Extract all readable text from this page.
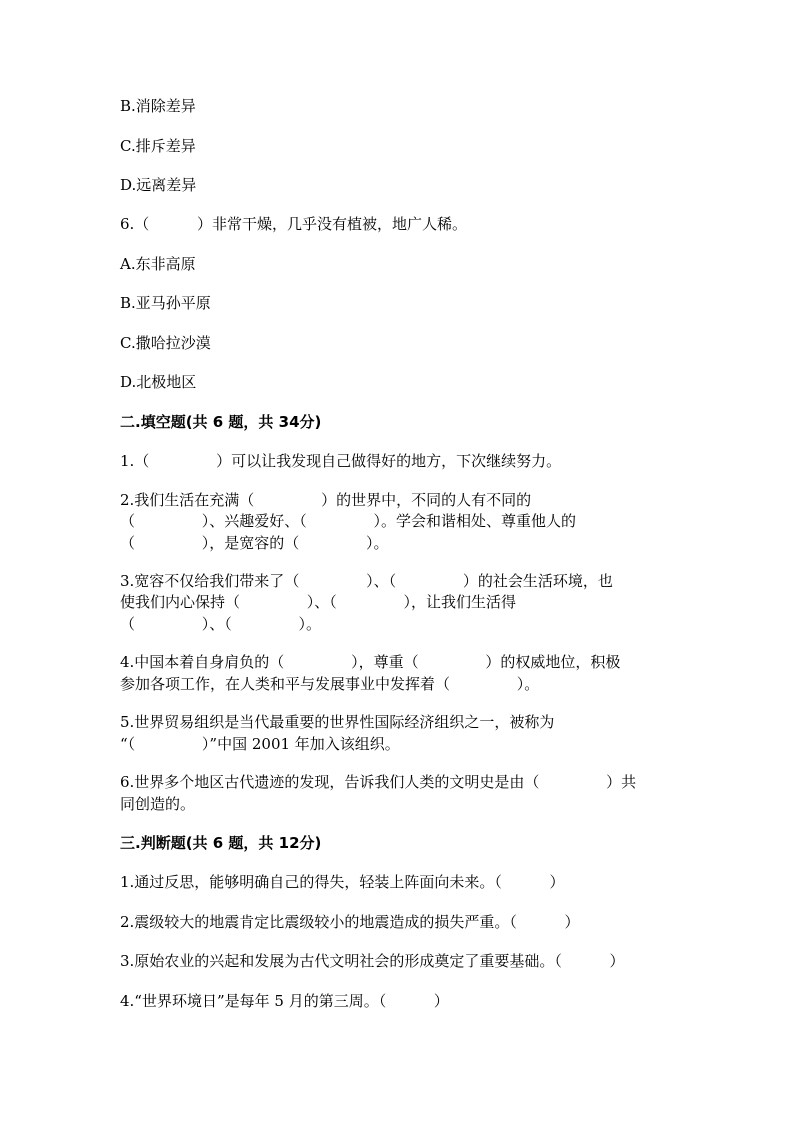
B.消除差异

C.排斥差异

D.远离差异

6.（          ）非常干燥，几乎没有植被，地广人稀。

A.东非高原

B.亚马孙平原

C.撒哈拉沙漠

D.北极地区

二.填空题(共 6 题，共 34分)

1.（              ）可以让我发现自己做得好的地方，下次继续努力。

2.我们生活在充满（              ）的世界中，不同的人有不同的

（              ）、兴趣爱好、（              ）。学会和谐相处、尊重他人的

（              ），是宽容的（              ）。

3.宽容不仅给我们带来了（              ）、（              ）的社会生活环境，也

使我们内心保持（              ）、（              ），让我们生活得

（              ）、（              ）。

4.中国本着自身肩负的（              ），尊重（              ）的权威地位，积极

参加各项工作，在人类和平与发展事业中发挥着（              ）。

5.世界贸易组织是当代最重要的世界性国际经济组织之一，被称为

“（              ）”中国 2001 年加入该组织。

6.世界多个地区古代遗迹的发现，告诉我们人类的文明史是由（              ）共

同创造的。

三.判断题(共 6 题，共 12分)

1.通过反思，能够明确自己的得失，轻装上阵面向未来。（          ）

2.震级较大的地震肯定比震级较小的地震造成的损失严重。（          ）

3.原始农业的兴起和发展为古代文明社会的形成奠定了重要基础。（          ）

4.“世界环境日”是每年 5 月的第三周。（          ）
